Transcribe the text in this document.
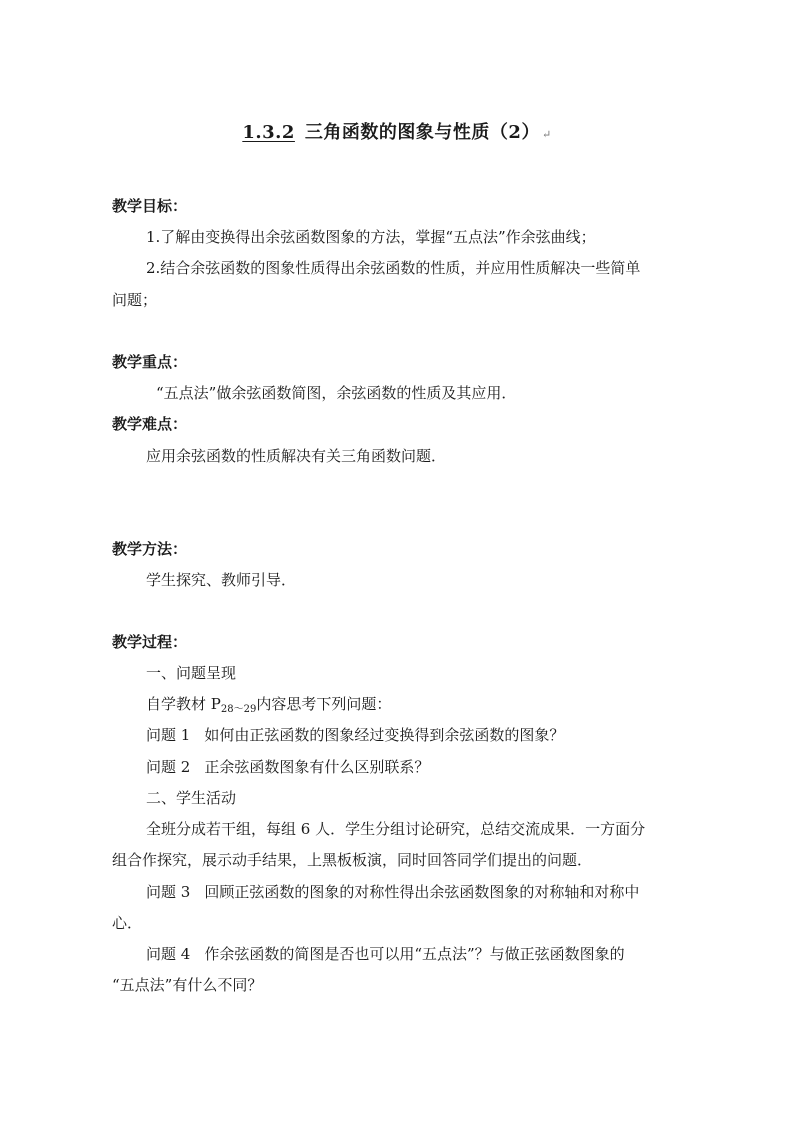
1.3.2 三角函数的图象与性质（2） ↵
教学目标：
1.了解由变换得出余弦函数图象的方法，掌握“五点法”作余弦曲线；
2.结合余弦函数的图象性质得出余弦函数的性质，并应用性质解决一些简单
问题；
教学重点：
“五点法”做余弦函数简图，余弦函数的性质及其应用．
教学难点：
应用余弦函数的性质解决有关三角函数问题．
教学方法：
学生探究、教师引导．
教学过程：
一、问题呈现
自学教材 $P_{28\sim 29}$内容思考下列问题：
问题 1 如何由正弦函数的图象经过变换得到余弦函数的图象？
问题 2 正余弦函数图象有什么区别联系？
二、学生活动
全班分成若干组，每组 6 人．学生分组讨论研究，总结交流成果．一方面分
组合作探究，展示动手结果，上黑板板演，同时回答同学们提出的问题．
问题 3 回顾正弦函数的图象的对称性得出余弦函数图象的对称轴和对称中
心．
问题 4 作余弦函数的简图是否也可以用“五点法”？与做正弦函数图象的
“五点法”有什么不同？
